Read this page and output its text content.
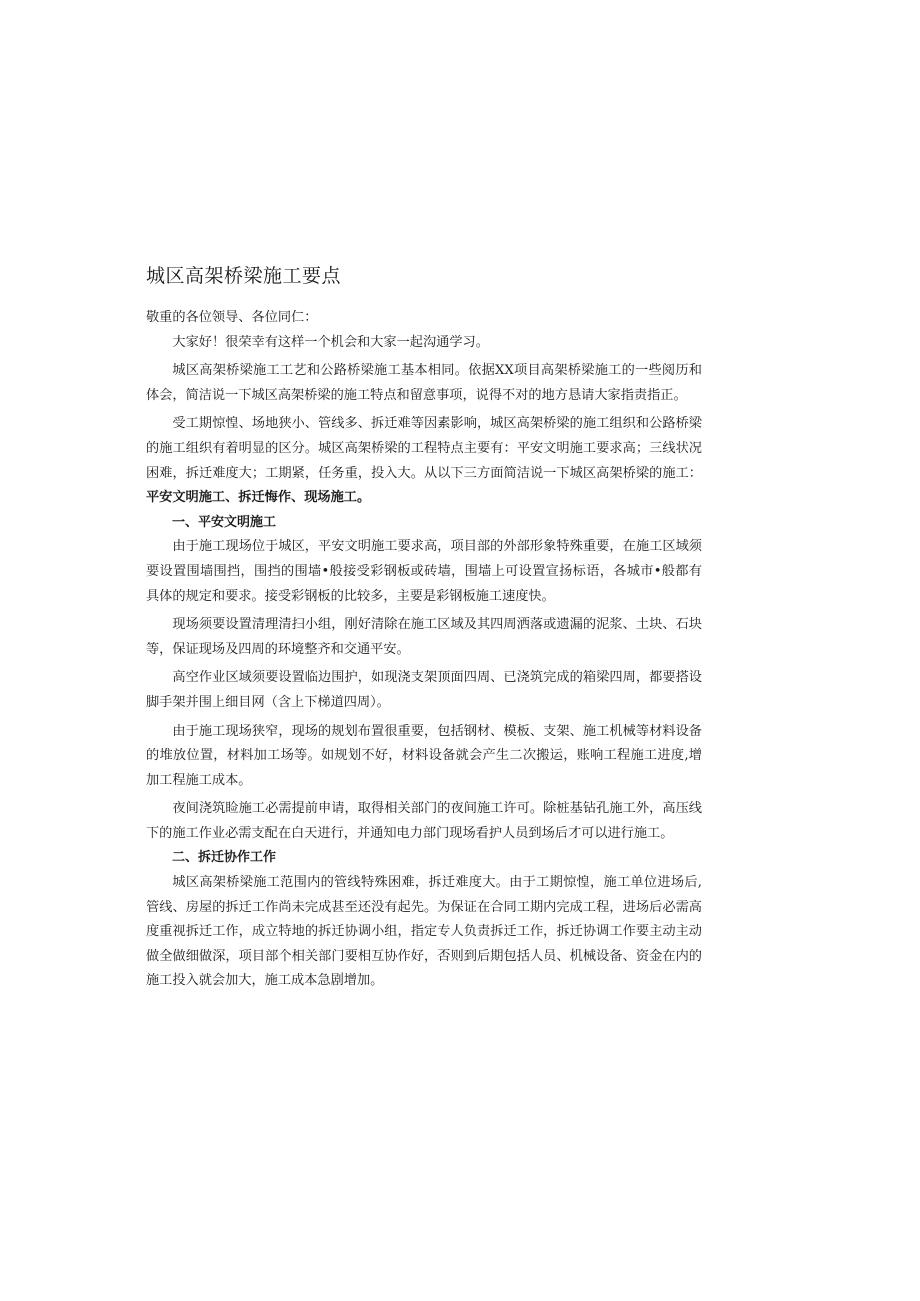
城区高架桥梁施工要点

敬重的各位领导、各位同仁：

大家好！很荣幸有这样一个机会和大家一起沟通学习。

城区高架桥梁施工工艺和公路桥梁施工基本相同。依据XX项目高架桥梁施工的一些阅历和体会，简洁说一下城区高架桥梁的施工特点和留意事项，说得不对的地方恳请大家指责指正。

受工期惊惶、场地狭小、管线多、拆迁难等因素影响，城区高架桥梁的施工组织和公路桥梁的施工组织有着明显的区分。城区高架桥梁的工程特点主要有：平安文明施工要求高；三线状况困难，拆迁难度大；工期紧，任务重，投入大。从以下三方面简洁说一下城区高架桥梁的施工：平安文明施工、拆迁悔作、现场施工。

一、平安文明施工

由于施工现场位于城区，平安文明施工要求高，项目部的外部形象特殊重要，在施工区域须要设置围墙围挡，围挡的围墙•般接受彩钢板或砖墙，围墙上可设置宣扬标语，各城市•般都有具体的规定和要求。接受彩钢板的比较多，主要是彩钢板施工速度快。

现场须要设置清理清扫小组，刚好清除在施工区域及其四周洒落或遗漏的泥浆、土块、石块等，保证现场及四周的环境整齐和交通平安。

高空作业区域须要设置临边围护，如现浇支架顶面四周、已浇筑完成的箱梁四周，都要搭设脚手架并围上细目网（含上下梯道四周）。

由于施工现场狭窄，现场的规划布置很重要，包括钢材、模板、支架、施工机械等材料设备的堆放位置，材料加工场等。如规划不好，材料设备就会产生二次搬运，账响工程施工进度,增加工程施工成本。

夜间浇筑睑施工必需提前申请，取得相关部门的夜间施工许可。除桩基钻孔施工外，高压线下的施工作业必需支配在白天进行，并通知电力部门现场看护人员到场后才可以进行施工。

二、拆迁协作工作

城区高架桥梁施工范围内的管线特殊困难，拆迁难度大。由于工期惊惶，施工单位进场后,管线、房屋的拆迁工作尚未完成甚至还没有起先。为保证在合同工期内完成工程，进场后必需高度重视拆迁工作，成立特地的拆迁协调小组，指定专人负责拆迁工作，拆迁协调工作要主动主动做全做细做深，项目部个相关部门要相互协作好，否则到后期包括人员、机械设备、资金在内的施工投入就会加大，施工成本急剧增加。
